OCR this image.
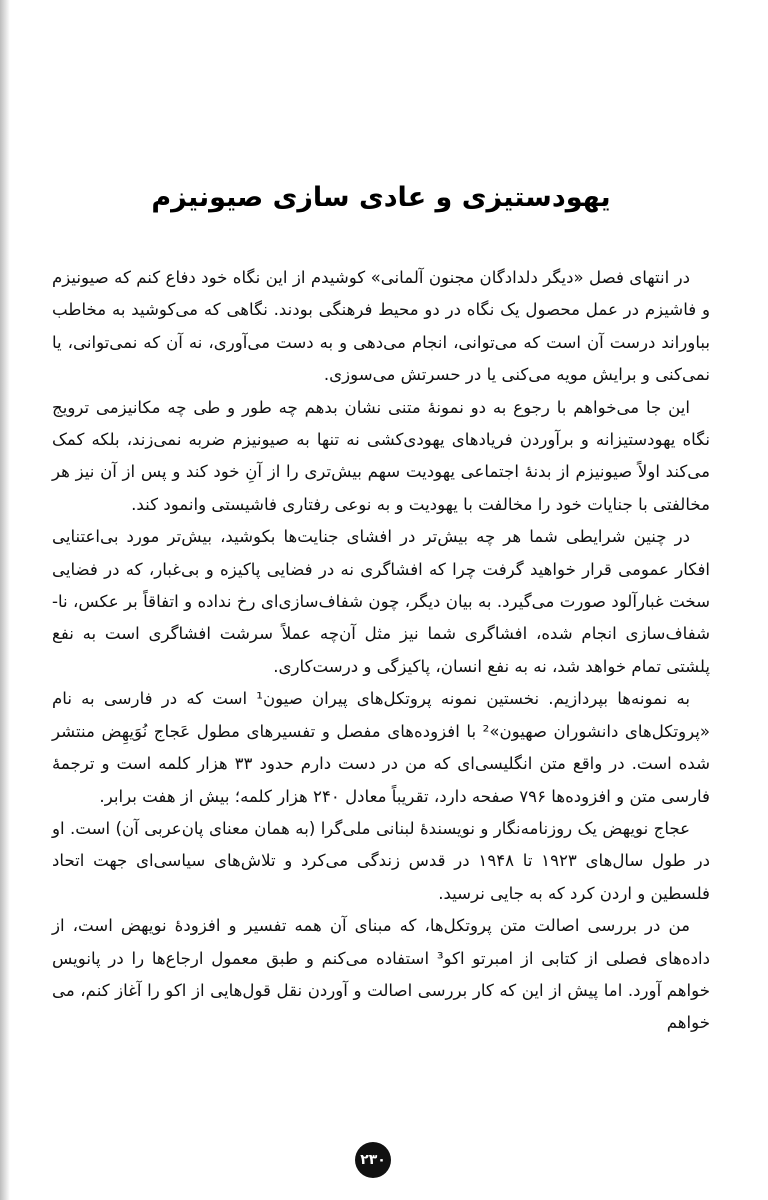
یهودستیزی و عادی سازی صیونیزم

در انتهای فصل «دیگر دلدادگان مجنون آلمانی» کوشیدم از این نگاه خود دفاع کنم که صیونیزم و فاشیزم در عمل محصول یک نگاه در دو محیط فرهنگی بودند. نگاهی که می‌کوشید به مخاطب بباوراند درست آن است که می‌توانی، انجام می‌دهی و به دست می‌آوری، نه آن که نمی‌توانی، یا نمی‌کنی و برایش مویه می‌کنی یا در حسرتش می‌سوزی.

این جا می‌خواهم با رجوع به دو نمونهٔ متنی نشان بدهم چه طور و طی چه مکانیزمی ترویج نگاه یهودستیزانه و برآوردن فریادهای یهودی‌کشی نه تنها به صیونیزم ضربه نمی‌زند، بلکه کمک می‌کند اولاً صیونیزم از بدنهٔ اجتماعی یهودیت سهم بیش‌تری را از آنِ خود کند و پس از آن نیز هر مخالفتی با جنایات خود را مخالفت با یهودیت و به نوعی رفتاری فاشیستی وانمود کند.

در چنین شرایطی شما هر چه بیش‌تر در افشای جنایت‌ها بکوشید، بیش‌تر مورد بی‌اعتنایی افکار عمومی قرار خواهید گرفت چرا که افشاگری نه در فضایی پاکیزه و بی‌غبار، که در فضایی سخت غبارآلود صورت می‌گیرد. به بیان دیگر، چون شفاف‌سازی‌ای رخ نداده و اتفاقاً بر عکس، نا-شفاف‌سازی انجام شده، افشاگری شما نیز مثل آن‌چه عملاً سرشت افشاگری است به نفع پلشتی تمام خواهد شد، نه به نفع انسان، پاکیزگی و درست‌کاری.

به نمونه‌ها بپردازیم. نخستین نمونه پروتکل‌های پیران صیون¹ است که در فارسی به نام «پروتکل‌های دانشوران صهیون»² با افزوده‌های مفصل و تفسیرهای مطول عَجاج نُوَیهِض منتشر شده است. در واقع متن انگلیسی‌ای که من در دست دارم حدود ۳۳ هزار کلمه است و ترجمهٔ فارسی متن و افزوده‌ها ۷۹۶ صفحه دارد، تقریباً معادل ۲۴۰ هزار کلمه؛ بیش از هفت برابر.

عجاج نویهض یک روزنامه‌نگار و نویسندهٔ لبنانی ملی‌گرا (به همان معنای پان‌عربی آن) است. او در طول سال‌های ۱۹۲۳ تا ۱۹۴۸ در قدس زندگی می‌کرد و تلاش‌های سیاسی‌ای جهت اتحاد فلسطین و اردن کرد که به جایی نرسید.

من در بررسی اصالت متن پروتکل‌ها، که مبنای آن همه تفسیر و افزودهٔ نویهض است، از داده‌های فصلی از کتابی از امبرتو اکو³ استفاده می‌کنم و طبق معمول ارجاع‌ها را در پانویس خواهم آورد. اما پیش از این که کار بررسی اصالت و آوردن نقل قول‌هایی از اکو را آغاز کنم، می خواهم

۲۳۰
